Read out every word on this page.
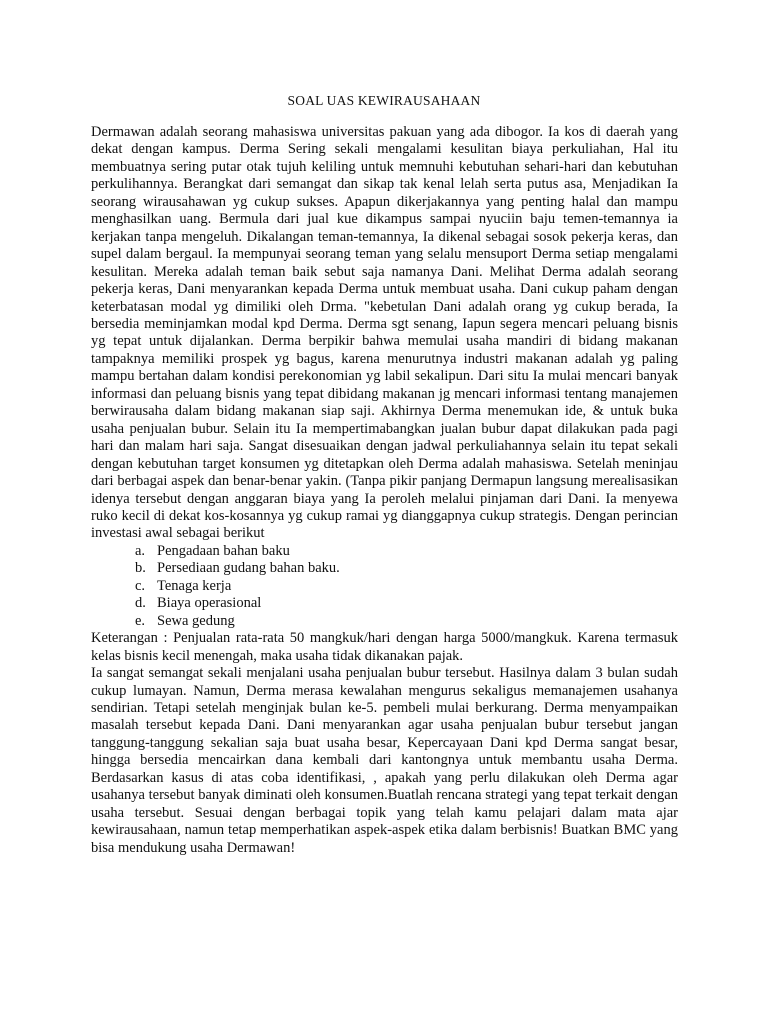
SOAL UAS KEWIRAUSAHAAN

Dermawan adalah seorang mahasiswa universitas pakuan yang ada dibogor. Ia kos di daerah yang dekat dengan kampus. Derma Sering sekali mengalami kesulitan biaya perkuliahan, Hal itu membuatnya sering putar otak tujuh keliling untuk memnuhi kebutuhan sehari-hari dan kebutuhan perkulihannya. Berangkat dari semangat dan sikap tak kenal lelah serta putus asa, Menjadikan Ia seorang wirausahawan yg cukup sukses. Apapun dikerjakannya yang penting halal dan mampu menghasilkan uang. Bermula dari jual kue dikampus sampai nyuciin baju temen-temannya ia kerjakan tanpa mengeluh. Dikalangan teman-temannya, Ia dikenal sebagai sosok pekerja keras, dan supel dalam bergaul. Ia mempunyai seorang teman yang selalu mensuport Derma setiap mengalami kesulitan. Mereka adalah teman baik sebut saja namanya Dani. Melihat Derma adalah seorang pekerja keras, Dani menyarankan kepada Derma untuk membuat usaha. Dani cukup paham dengan keterbatasan modal yg dimiliki oleh Drma. "kebetulan Dani adalah orang yg cukup berada, Ia bersedia meminjamkan modal kpd Derma. Derma sgt senang, Iapun segera mencari peluang bisnis yg tepat untuk dijalankan. Derma berpikir bahwa memulai usaha mandiri di bidang makanan tampaknya memiliki prospek yg bagus, karena menurutnya industri makanan adalah yg paling mampu bertahan dalam kondisi perekonomian yg labil sekalipun. Dari situ Ia mulai mencari banyak informasi dan peluang bisnis yang tepat dibidang makanan jg mencari informasi tentang manajemen berwirausaha dalam bidang makanan siap saji. Akhirnya Derma menemukan ide, & untuk buka usaha penjualan bubur. Selain itu Ia mempertimabangkan jualan bubur dapat dilakukan pada pagi hari dan malam hari saja. Sangat disesuaikan dengan jadwal perkuliahannya selain itu tepat sekali dengan kebutuhan target konsumen yg ditetapkan oleh Derma adalah mahasiswa. Setelah meninjau dari berbagai aspek dan benar-benar yakin. (Tanpa pikir panjang Dermapun langsung merealisasikan idenya tersebut dengan anggaran biaya yang Ia peroleh melalui pinjaman dari Dani. Ia menyewa ruko kecil di dekat kos-kosannya yg cukup ramai yg dianggapnya cukup strategis. Dengan perincian investasi awal sebagai berikut

a. Pengadaan bahan baku
b. Persediaan gudang bahan baku.
c. Tenaga kerja
d. Biaya operasional
e. Sewa gedung

Keterangan : Penjualan rata-rata 50 mangkuk/hari dengan harga 5000/mangkuk. Karena termasuk kelas bisnis kecil menengah, maka usaha tidak dikanakan pajak.

Ia sangat semangat sekali menjalani usaha penjualan bubur tersebut. Hasilnya dalam 3 bulan sudah cukup lumayan. Namun, Derma merasa kewalahan mengurus sekaligus memanajemen usahanya sendirian. Tetapi setelah menginjak bulan ke-5. pembeli mulai berkurang. Derma menyampaikan masalah tersebut kepada Dani. Dani menyarankan agar usaha penjualan bubur tersebut jangan tanggung-tanggung sekalian saja buat usaha besar, Kepercayaan Dani kpd Derma sangat besar, hingga bersedia mencairkan dana kembali dari kantongnya untuk membantu usaha Derma. Berdasarkan kasus di atas coba identifikasi, , apakah yang perlu dilakukan oleh Derma agar usahanya tersebut banyak diminati oleh konsumen.Buatlah rencana strategi yang tepat terkait dengan usaha tersebut. Sesuai dengan berbagai topik yang telah kamu pelajari dalam mata ajar kewirausahaan, namun tetap memperhatikan aspek-aspek etika dalam berbisnis! Buatkan BMC yang bisa mendukung usaha Dermawan!
